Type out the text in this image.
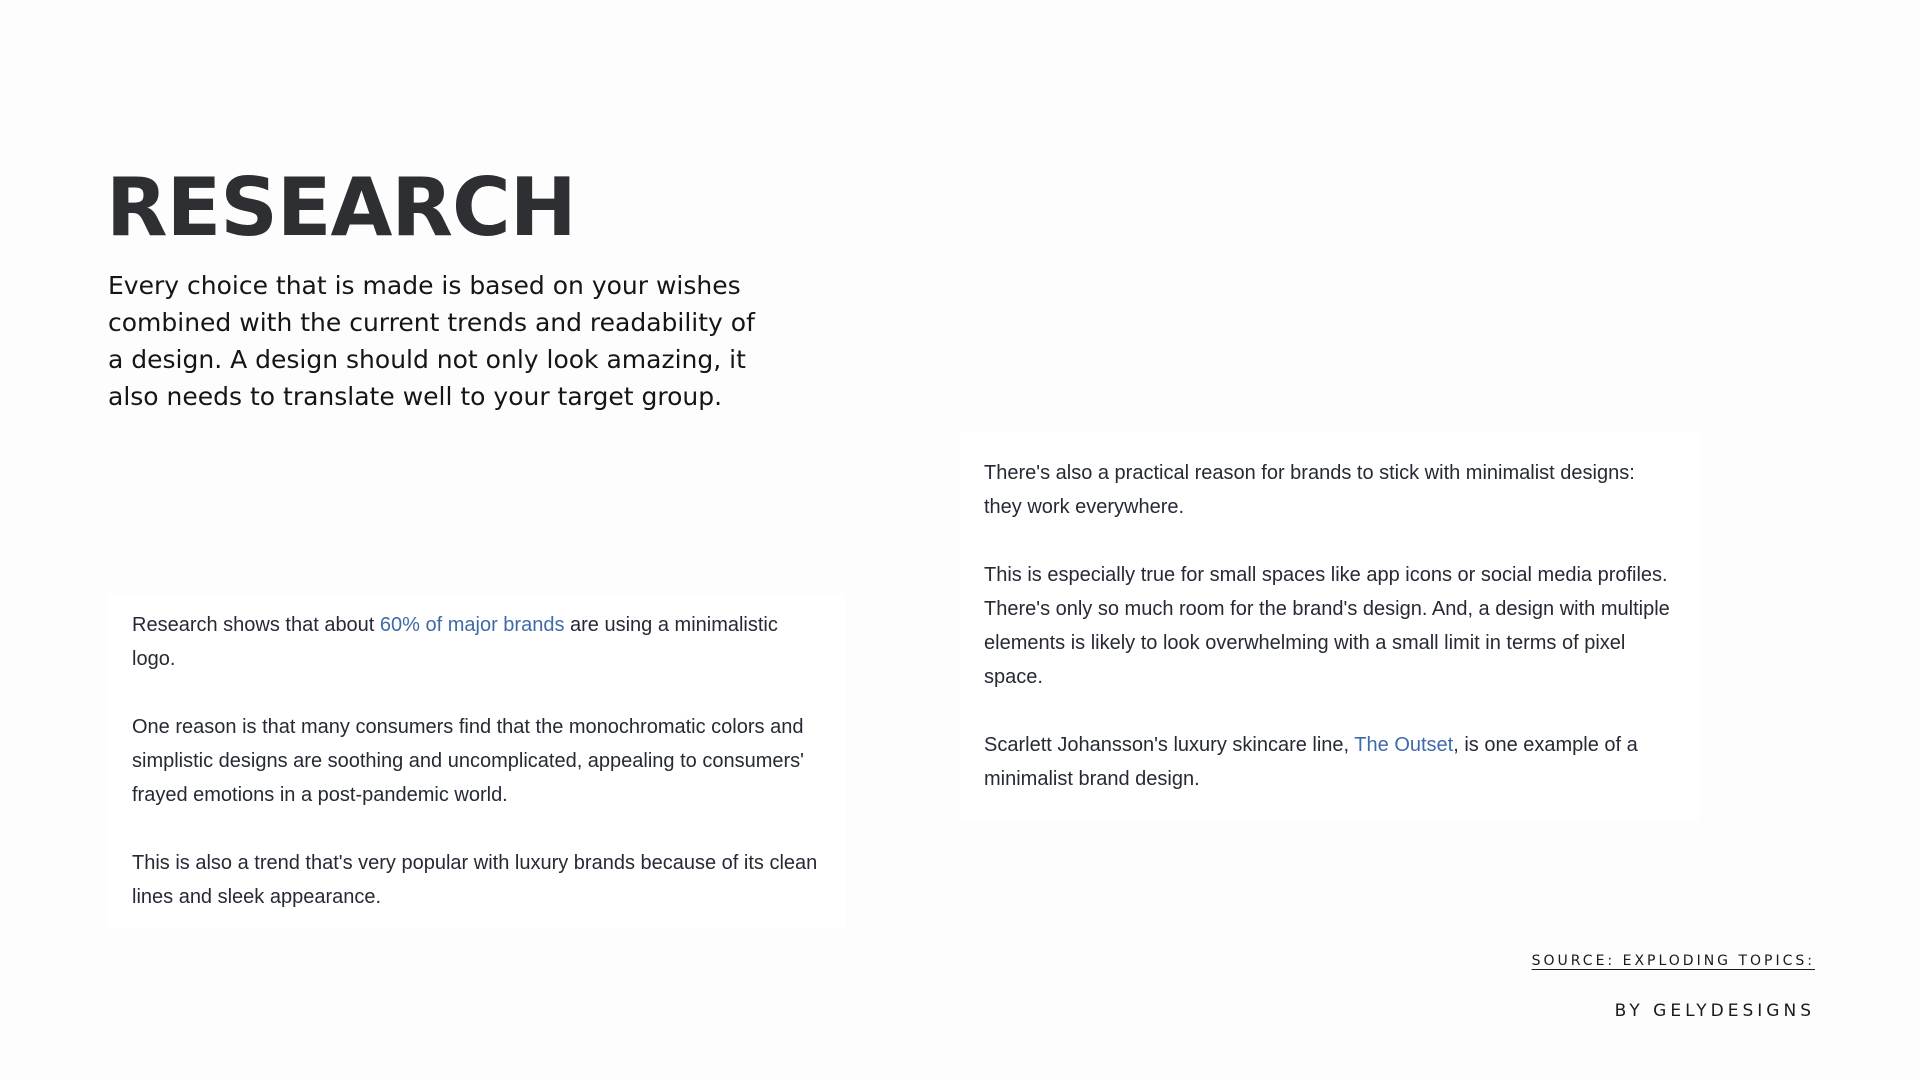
RESEARCH

Every choice that is made is based on your wishes combined with the current trends and readability of a design. A design should not only look amazing, it also needs to translate well to your target group.

Research shows that about 60% of major brands are using a minimalistic logo.

One reason is that many consumers find that the monochromatic colors and simplistic designs are soothing and uncomplicated, appealing to consumers' frayed emotions in a post-pandemic world.

This is also a trend that's very popular with luxury brands because of its clean lines and sleek appearance.

There's also a practical reason for brands to stick with minimalist designs: they work everywhere.

This is especially true for small spaces like app icons or social media profiles. There's only so much room for the brand's design. And, a design with multiple elements is likely to look overwhelming with a small limit in terms of pixel space.

Scarlett Johansson's luxury skincare line, The Outset, is one example of a minimalist brand design.

SOURCE: EXPLODING TOPICS:
BY GELYDESIGNS
